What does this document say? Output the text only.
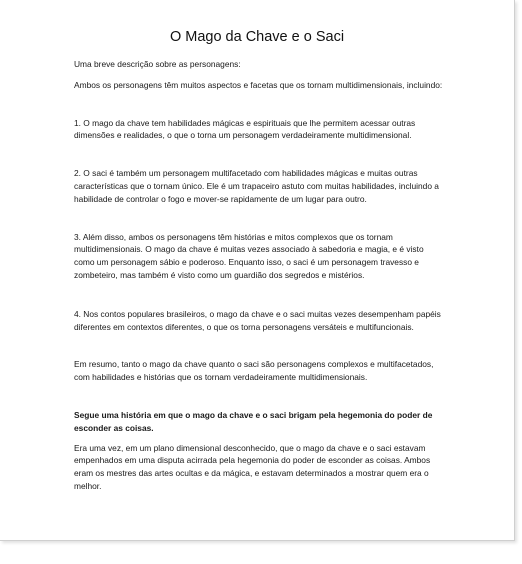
O Mago da Chave e o Saci

Uma breve descrição sobre as personagens:

Ambos os personagens têm muitos aspectos e facetas que os tornam multidimensionais, incluindo:

1. O mago da chave tem habilidades mágicas e espirituais que lhe permitem acessar outras dimensões e realidades, o que o torna um personagem verdadeiramente multidimensional.

2. O saci é também um personagem multifacetado com habilidades mágicas e muitas outras características que o tornam único. Ele é um trapaceiro astuto com muitas habilidades, incluindo a habilidade de controlar o fogo e mover-se rapidamente de um lugar para outro.

3. Além disso, ambos os personagens têm histórias e mitos complexos que os tornam multidimensionais. O mago da chave é muitas vezes associado à sabedoria e magia, e é visto como um personagem sábio e poderoso. Enquanto isso, o saci é um personagem travesso e zombeteiro, mas também é visto como um guardião dos segredos e mistérios.

4. Nos contos populares brasileiros, o mago da chave e o saci muitas vezes desempenham papéis diferentes em contextos diferentes, o que os torna personagens versáteis e multifuncionais.

Em resumo, tanto o mago da chave quanto o saci são personagens complexos e multifacetados, com habilidades e histórias que os tornam verdadeiramente multidimensionais.

Segue uma história em que o mago da chave e o saci brigam pela hegemonia do poder de esconder as coisas.

Era uma vez, em um plano dimensional desconhecido, que o mago da chave e o saci estavam empenhados em uma disputa acirrada pela hegemonia do poder de esconder as coisas. Ambos eram os mestres das artes ocultas e da mágica, e estavam determinados a mostrar quem era o melhor.
